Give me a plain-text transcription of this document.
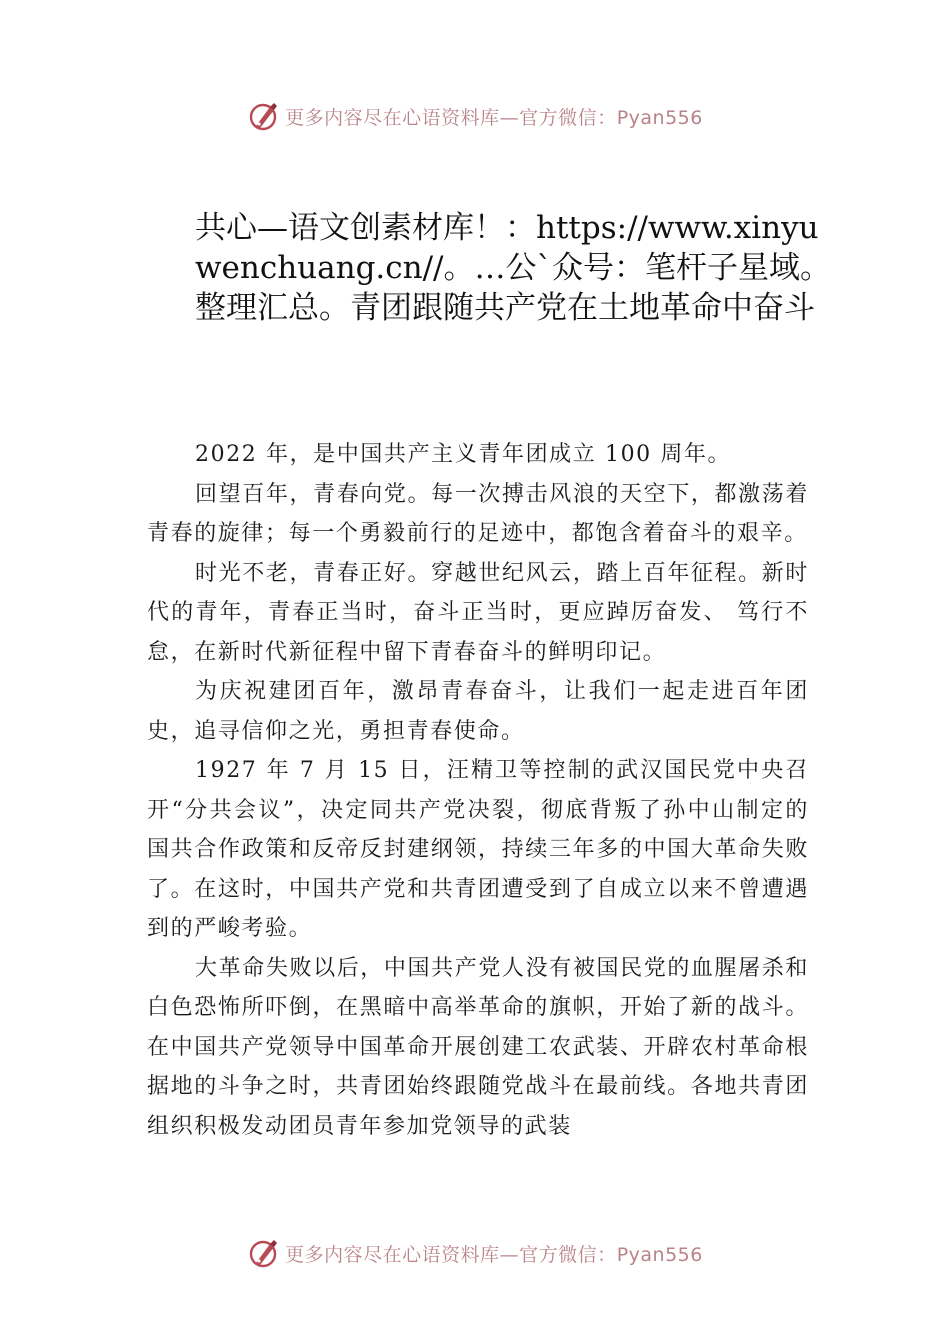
更多内容尽在心语资料库—官方微信：Pyan556
共心—语文创素材库！：https://www.xinyuwenchuang.cn//。…公`众号：笔杆子星域。整理汇总。青团跟随共产党在土地革命中奋斗

2022 年，是中国共产主义青年团成立 100 周年。

回望百年，青春向党。每一次搏击风浪的天空下，都激荡着青春的旋律；每一个勇毅前行的足迹中，都饱含着奋斗的艰辛。

时光不老，青春正好。穿越世纪风云，踏上百年征程。新时代的青年，青春正当时，奋斗正当时，更应踔厉奋发、 笃行不怠，在新时代新征程中留下青春奋斗的鲜明印记。

为庆祝建团百年，激昂青春奋斗，让我们一起走进百年团史，追寻信仰之光，勇担青春使命。

1927 年 7 月 15 日，汪精卫等控制的武汉国民党中央召开“分共会议”，决定同共产党决裂，彻底背叛了孙中山制定的国共合作政策和反帝反封建纲领，持续三年多的中国大革命失败了。在这时，中国共产党和共青团遭受到了自成立以来不曾遭遇到的严峻考验。

大革命失败以后，中国共产党人没有被国民党的血腥屠杀和白色恐怖所吓倒，在黑暗中高举革命的旗帜，开始了新的战斗。在中国共产党领导中国革命开展创建工农武装、开辟农村革命根据地的斗争之时，共青团始终跟随党战斗在最前线。各地共青团组织积极发动团员青年参加党领导的武装

更多内容尽在心语资料库—官方微信：Pyan556
